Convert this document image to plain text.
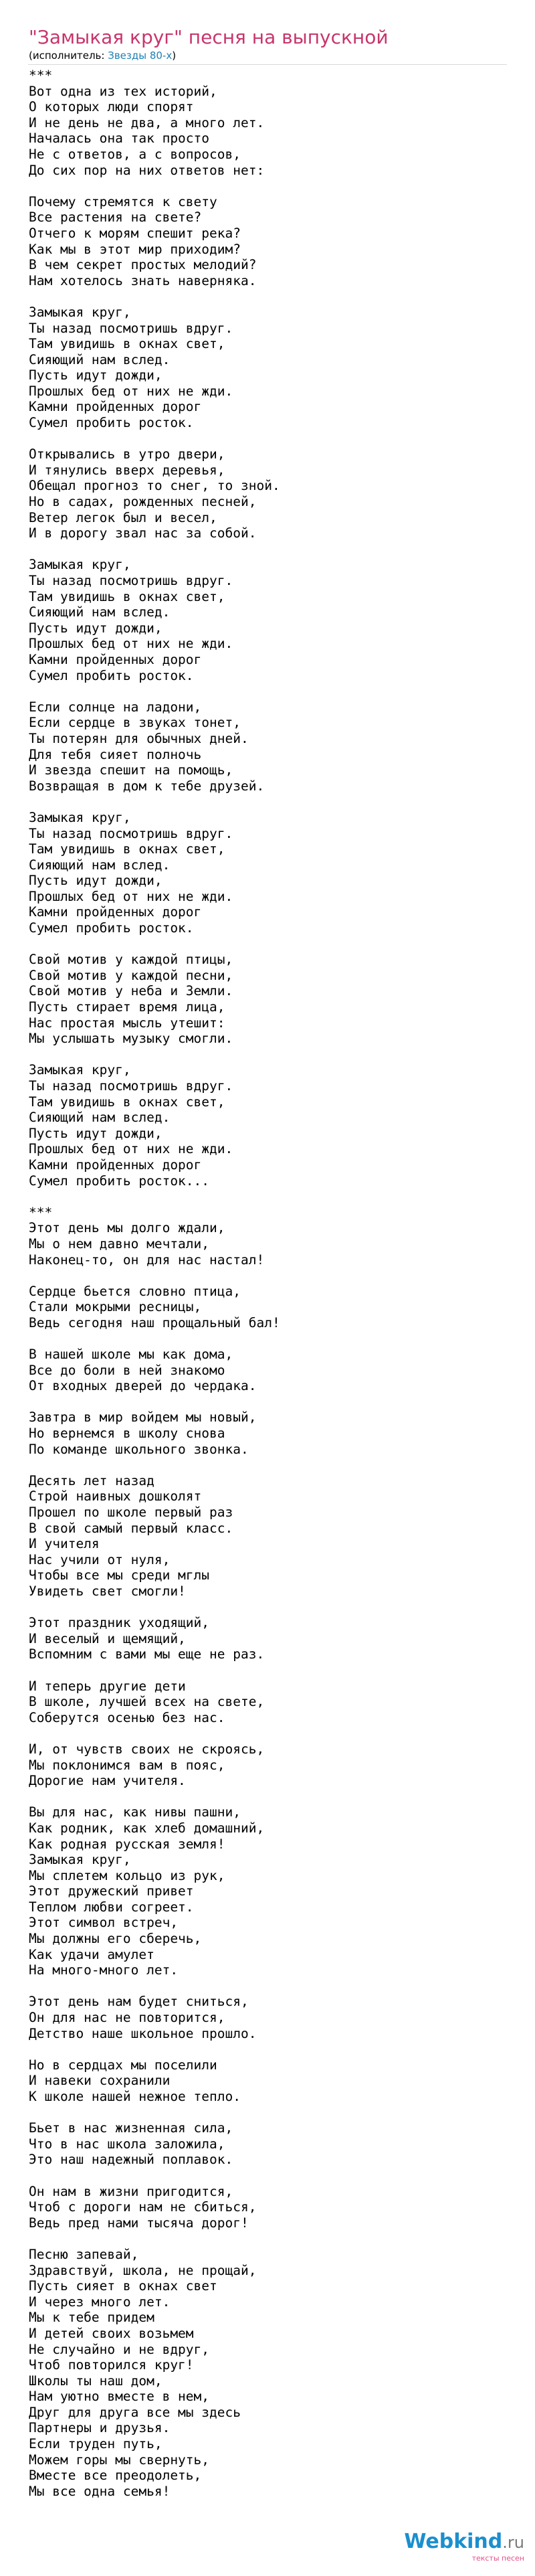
"Замыкая круг" песня на выпускной
(исполнитель: Звезды 80-х)
***
Вот одна из тех историй,
О которых люди спорят
И не день не два, а много лет.
Началась она так просто
Не с ответов, а с вопросов,
До сих пор на них ответов нет:

Почему стремятся к свету
Все растения на свете?
Отчего к морям спешит река?
Как мы в этот мир приходим?
В чем секрет простых мелодий?
Нам хотелось знать наверняка.

Замыкая круг,
Ты назад посмотришь вдруг.
Там увидишь в окнах свет,
Сияющий нам вслед.
Пусть идут дожди,
Прошлых бед от них не жди.
Камни пройденных дорог
Сумел пробить росток.

Открывались в утро двери,
И тянулись вверх деревья,
Обещал прогноз то снег, то зной.
Но в садах, рожденных песней,
Ветер легок был и весел,
И в дорогу звал нас за собой.

Замыкая круг,
Ты назад посмотришь вдруг.
Там увидишь в окнах свет,
Сияющий нам вслед.
Пусть идут дожди,
Прошлых бед от них не жди.
Камни пройденных дорог
Сумел пробить росток.

Если солнце на ладони,
Если сердце в звуках тонет,
Ты потерян для обычных дней.
Для тебя сияет полночь
И звезда спешит на помощь,
Возвращая в дом к тебе друзей.

Замыкая круг,
Ты назад посмотришь вдруг.
Там увидишь в окнах свет,
Сияющий нам вслед.
Пусть идут дожди,
Прошлых бед от них не жди.
Камни пройденных дорог
Сумел пробить росток.

Свой мотив у каждой птицы,
Свой мотив у каждой песни,
Свой мотив у неба и Земли.
Пусть стирает время лица,
Нас простая мысль утешит:
Мы услышать музыку смогли.

Замыкая круг,
Ты назад посмотришь вдруг.
Там увидишь в окнах свет,
Сияющий нам вслед.
Пусть идут дожди,
Прошлых бед от них не жди.
Камни пройденных дорог
Сумел пробить росток...

***
Этот день мы долго ждали,
Мы о нем давно мечтали,
Наконец-то, он для нас настал!

Сердце бьется словно птица,
Стали мокрыми ресницы,
Ведь сегодня наш прощальный бал!

В нашей школе мы как дома,
Все до боли в ней знакомо
От входных дверей до чердака.

Завтра в мир войдем мы новый,
Но вернемся в школу снова
По команде школьного звонка.

Десять лет назад
Строй наивных дошколят
Прошел по школе первый раз
В свой самый первый класс.
И учителя
Нас учили от нуля,
Чтобы все мы среди мглы
Увидеть свет смогли!

Этот праздник уходящий,
И веселый и щемящий,
Вспомним с вами мы еще не раз.

И теперь другие дети
В школе, лучшей всех на свете,
Соберутся осенью без нас.

И, от чувств своих не скроясь,
Мы поклонимся вам в пояс,
Дорогие нам учителя.

Вы для нас, как нивы пашни,
Как родник, как хлеб домашний,
Как родная русская земля!
Замыкая круг,
Мы сплетем кольцо из рук,
Этот дружеский привет
Теплом любви согреет.
Этот символ встреч,
Мы должны его сберечь,
Как удачи амулет
На много-много лет.

Этот день нам будет сниться,
Он для нас не повторится,
Детство наше школьное прошло.

Но в сердцах мы поселили
И навеки сохранили
К школе нашей нежное тепло.

Бьет в нас жизненная сила,
Что в нас школа заложила,
Это наш надежный поплавок.

Он нам в жизни пригодится,
Чтоб с дороги нам не сбиться,
Ведь пред нами тысяча дорог!

Песню запевай,
Здравствуй, школа, не прощай,
Пусть сияет в окнах свет
И через много лет.
Мы к тебе придем
И детей своих возьмем
Не случайно и не вдруг,
Чтоб повторился круг!
Школы ты наш дом,
Нам уютно вместе в нем,
Друг для друга все мы здесь
Партнеры и друзья.
Если труден путь,
Можем горы мы свернуть,
Вместе все преодолеть,
Мы все одна семья!
Webkind.ru
тексты песен
